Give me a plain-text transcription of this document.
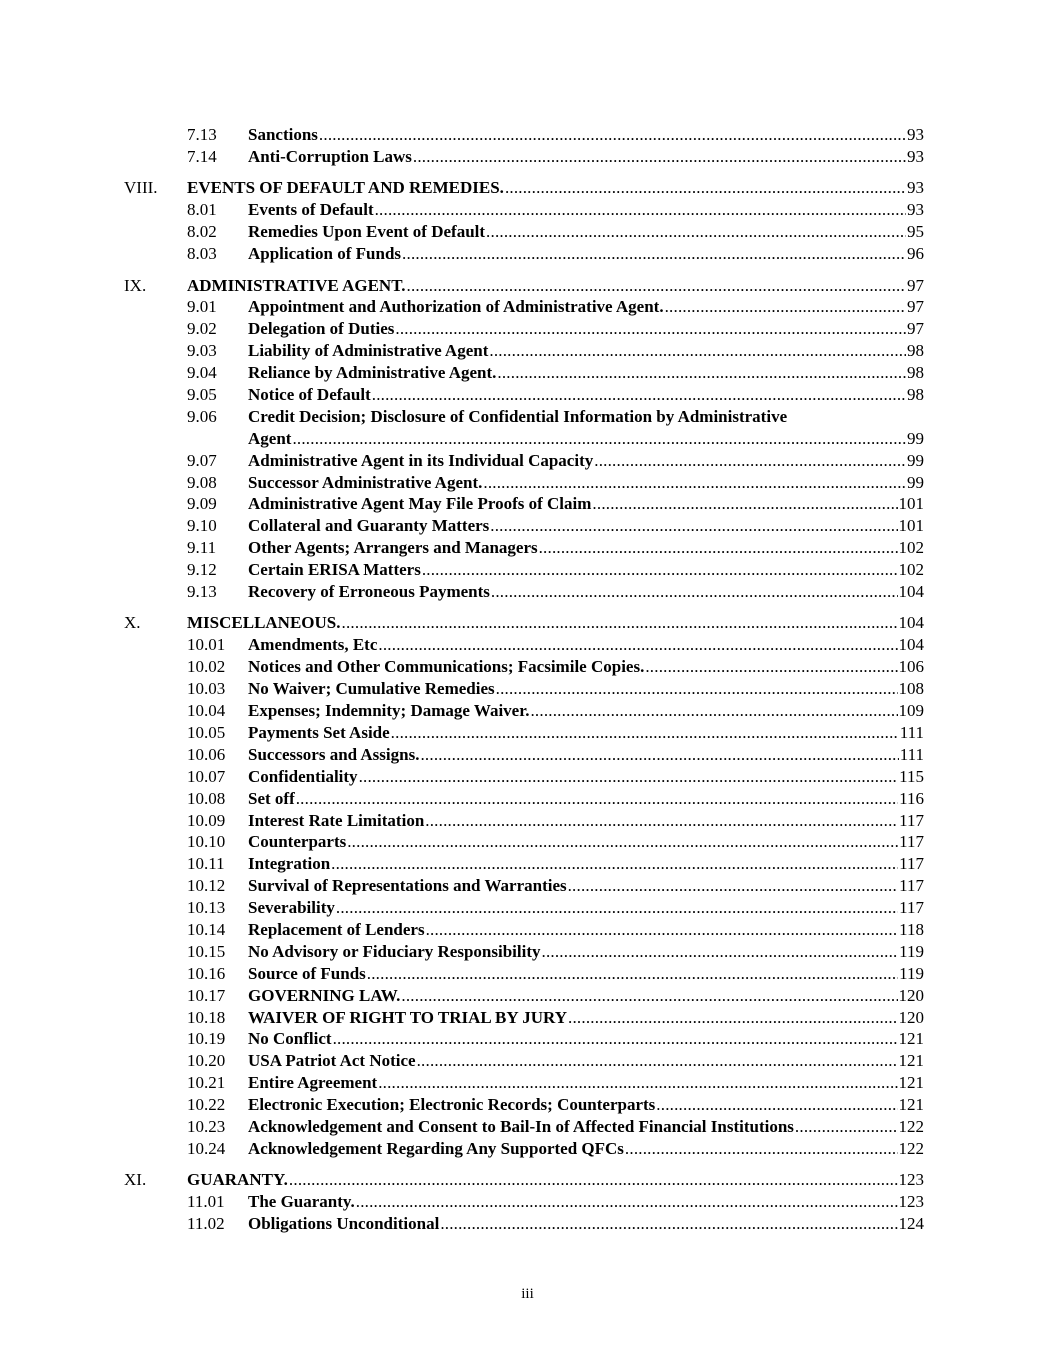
7.13 Sanctions .....	93
7.14 Anti-Corruption Laws .....	93
VIII. EVENTS OF DEFAULT AND REMEDIES. .....	93
8.01 Events of Default .....	93
8.02 Remedies Upon Event of Default .....	95
8.03 Application of Funds .....	96
IX. ADMINISTRATIVE AGENT. .....	97
9.01 Appointment and Authorization of Administrative Agent. .....	97
9.02 Delegation of Duties .....	97
9.03 Liability of Administrative Agent .....	98
9.04 Reliance by Administrative Agent. .....	98
9.05 Notice of Default .....	98
9.06 Credit Decision; Disclosure of Confidential Information by Administrative
Agent .....	99
9.07 Administrative Agent in its Individual Capacity .....	99
9.08 Successor Administrative Agent. .....	99
9.09 Administrative Agent May File Proofs of Claim .....	101
9.10 Collateral and Guaranty Matters .....	101
9.11 Other Agents; Arrangers and Managers .....	102
9.12 Certain ERISA Matters .....	102
9.13 Recovery of Erroneous Payments .....	104
X.	MISCELLANEOUS. .....	104
10.01 Amendments, Etc .....	104
10.02 Notices and Other Communications; Facsimile Copies. .....	106
10.03 No Waiver; Cumulative Remedies .....	108
10.04 Expenses; Indemnity; Damage Waiver. .....	109
10.05 Payments Set Aside .....	111
10.06 Successors and Assigns. .....	111
10.07 Confidentiality .....	115
10.08 Set off .....	116
10.09 Interest Rate Limitation .....	117
10.10 Counterparts .....	117
10.11 Integration .....	117
10.12 Survival of Representations and Warranties .....	117
10.13 Severability .....	117
10.14 Replacement of Lenders .....	118
10.15 No Advisory or Fiduciary Responsibility .....	119
10.16 Source of Funds .....	119
10.17 GOVERNING LAW. .....	120
10.18 WAIVER OF RIGHT TO TRIAL BY JURY .....	120
10.19 No Conflict .....	121
10.20 USA Patriot Act Notice .....	121
10.21 Entire Agreement .....	121
10.22 Electronic Execution; Electronic Records; Counterparts .....	121
10.23 Acknowledgement and Consent to Bail-In of Affected Financial Institutions .....	122
10.24 Acknowledgement Regarding Any Supported QFCs .....	122
XI. GUARANTY. .....	123
11.01 The Guaranty. .....	123
11.02 Obligations Unconditional .....	124
iii
